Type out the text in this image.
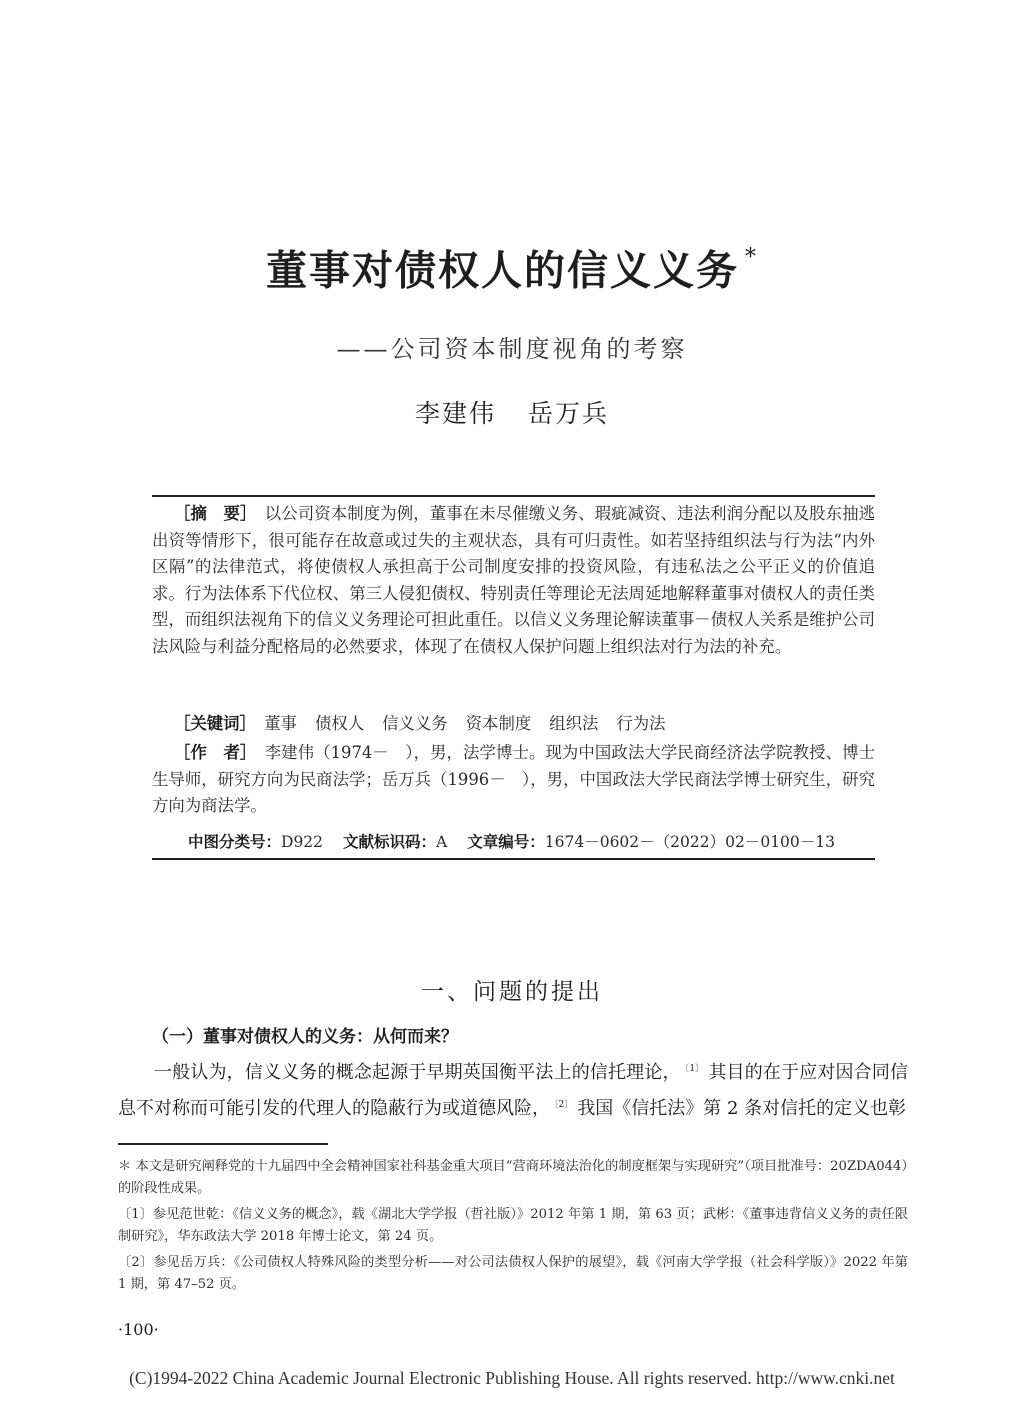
董事对债权人的信义义务 *
——公司资本制度视角的考察
李建伟 岳万兵
［摘　要］　 以公司资本制度为例，董事在未尽催缴义务、瑕疵减资、违法利润分配以及股东抽逃出资等情形下，很可能存在故意或过失的主观状态，具有可归责性。如若坚持组织法与行为法“内外区隔”的法律范式，将使债权人承担高于公司制度安排的投资风险，有违私法之公平正义的价值追求。行为法体系下代位权、第三人侵犯债权、特别责任等理论无法周延地解释董事对债权人的责任类型，而组织法视角下的信义义务理论可担此重任。以信义义务理论解读董事－债权人关系是维护公司法风险与利益分配格局的必然要求，体现了在债权人保护问题上组织法对行为法的补充。
［关键词］　 董事 债权人 信义义务 资本制度 组织法 行为法
［作　者］　 李建伟（1974－　），男，法学博士。现为中国政法大学民商经济法学院教授、博士生导师，研究方向为民商法学；岳万兵（1996－　），男，中国政法大学民商法学博士研究生，研究方向为商法学。
中图分类号：D922 文献标识码：A 文章编号：1674－0602－（2022）02－0100－13
一、问题的提出
（一）董事对债权人的义务：从何而来？
一般认为，信义义务的概念起源于早期英国衡平法上的信托理论， $^{〔1〕}$ 其目的在于应对因合同信息不对称而可能引发的代理人的隐蔽行为或道德风险， $^{〔2〕}$ 我国《信托法》第 2 条对信托的定义也彰
＊ 本文是研究阐释党的十九届四中全会精神国家社科基金重大项目“营商环境法治化的制度框架与实现研究”（项目批准号：20ZDA044）的阶段性成果。
〔1〕参见范世乾：《信义义务的概念》，载《湖北大学学报（哲社版）》2012 年第 1 期，第 63 页；武彬：《董事违背信义义务的责任限制研究》，华东政法大学 2018 年博士论文，第 24 页。
〔2〕参见岳万兵：《公司债权人特殊风险的类型分析——对公司法债权人保护的展望》，载《河南大学学报（社会科学版）》2022 年第 1 期，第 47–52 页。
·100·
(C)1994-2022 China Academic Journal Electronic Publishing House. All rights reserved. http://www.cnki.net
